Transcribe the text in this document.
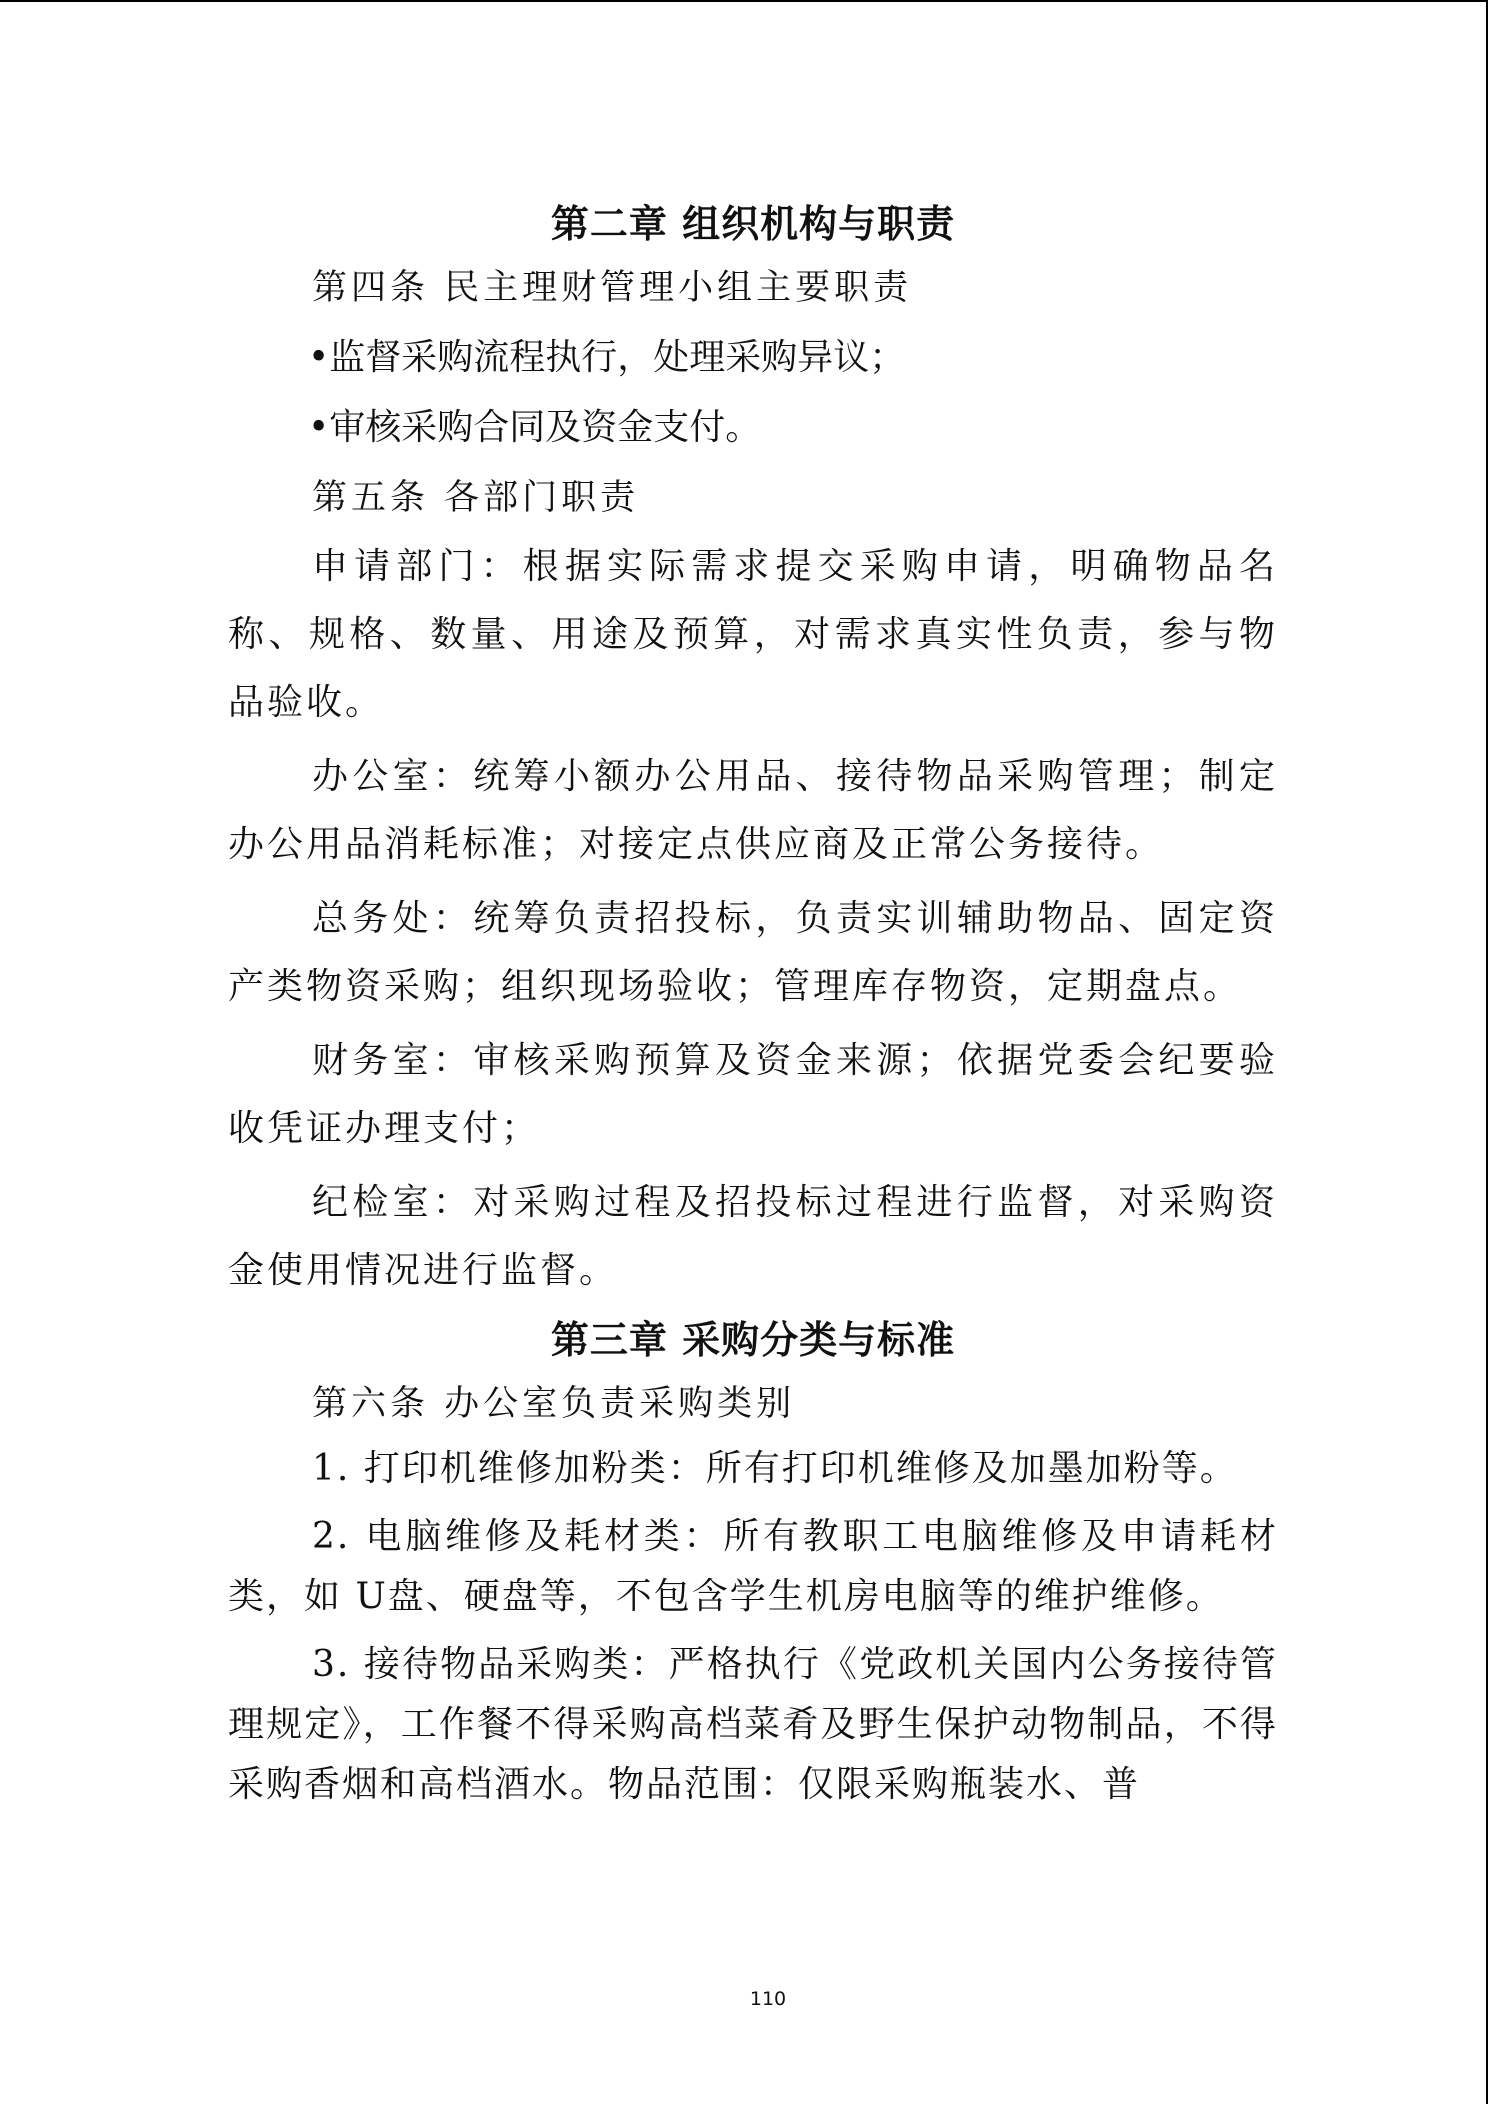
第二章 组织机构与职责

第四条 民主理财管理小组主要职责

•监督采购流程执行，处理采购异议；

•审核采购合同及资金支付。

第五条 各部门职责

申请部门：根据实际需求提交采购申请，明确物品名称、规格、数量、用途及预算，对需求真实性负责，参与物品验收。

办公室：统筹小额办公用品、接待物品采购管理；制定办公用品消耗标准；对接定点供应商及正常公务接待。

总务处：统筹负责招投标，负责实训辅助物品、固定资产类物资采购；组织现场验收；管理库存物资，定期盘点。

财务室：审核采购预算及资金来源；依据党委会纪要验收凭证办理支付；

纪检室：对采购过程及招投标过程进行监督，对采购资金使用情况进行监督。

第三章 采购分类与标准

第六条 办公室负责采购类别

1. 打印机维修加粉类：所有打印机维修及加墨加粉等。

2. 电脑维修及耗材类：所有教职工电脑维修及申请耗材类，如 U盘、硬盘等，不包含学生机房电脑等的维护维修。

3. 接待物品采购类：严格执行《党政机关国内公务接待管理规定》，工作餐不得采购高档菜肴及野生保护动物制品，不得采购香烟和高档酒水。物品范围：仅限采购瓶装水、普

110
